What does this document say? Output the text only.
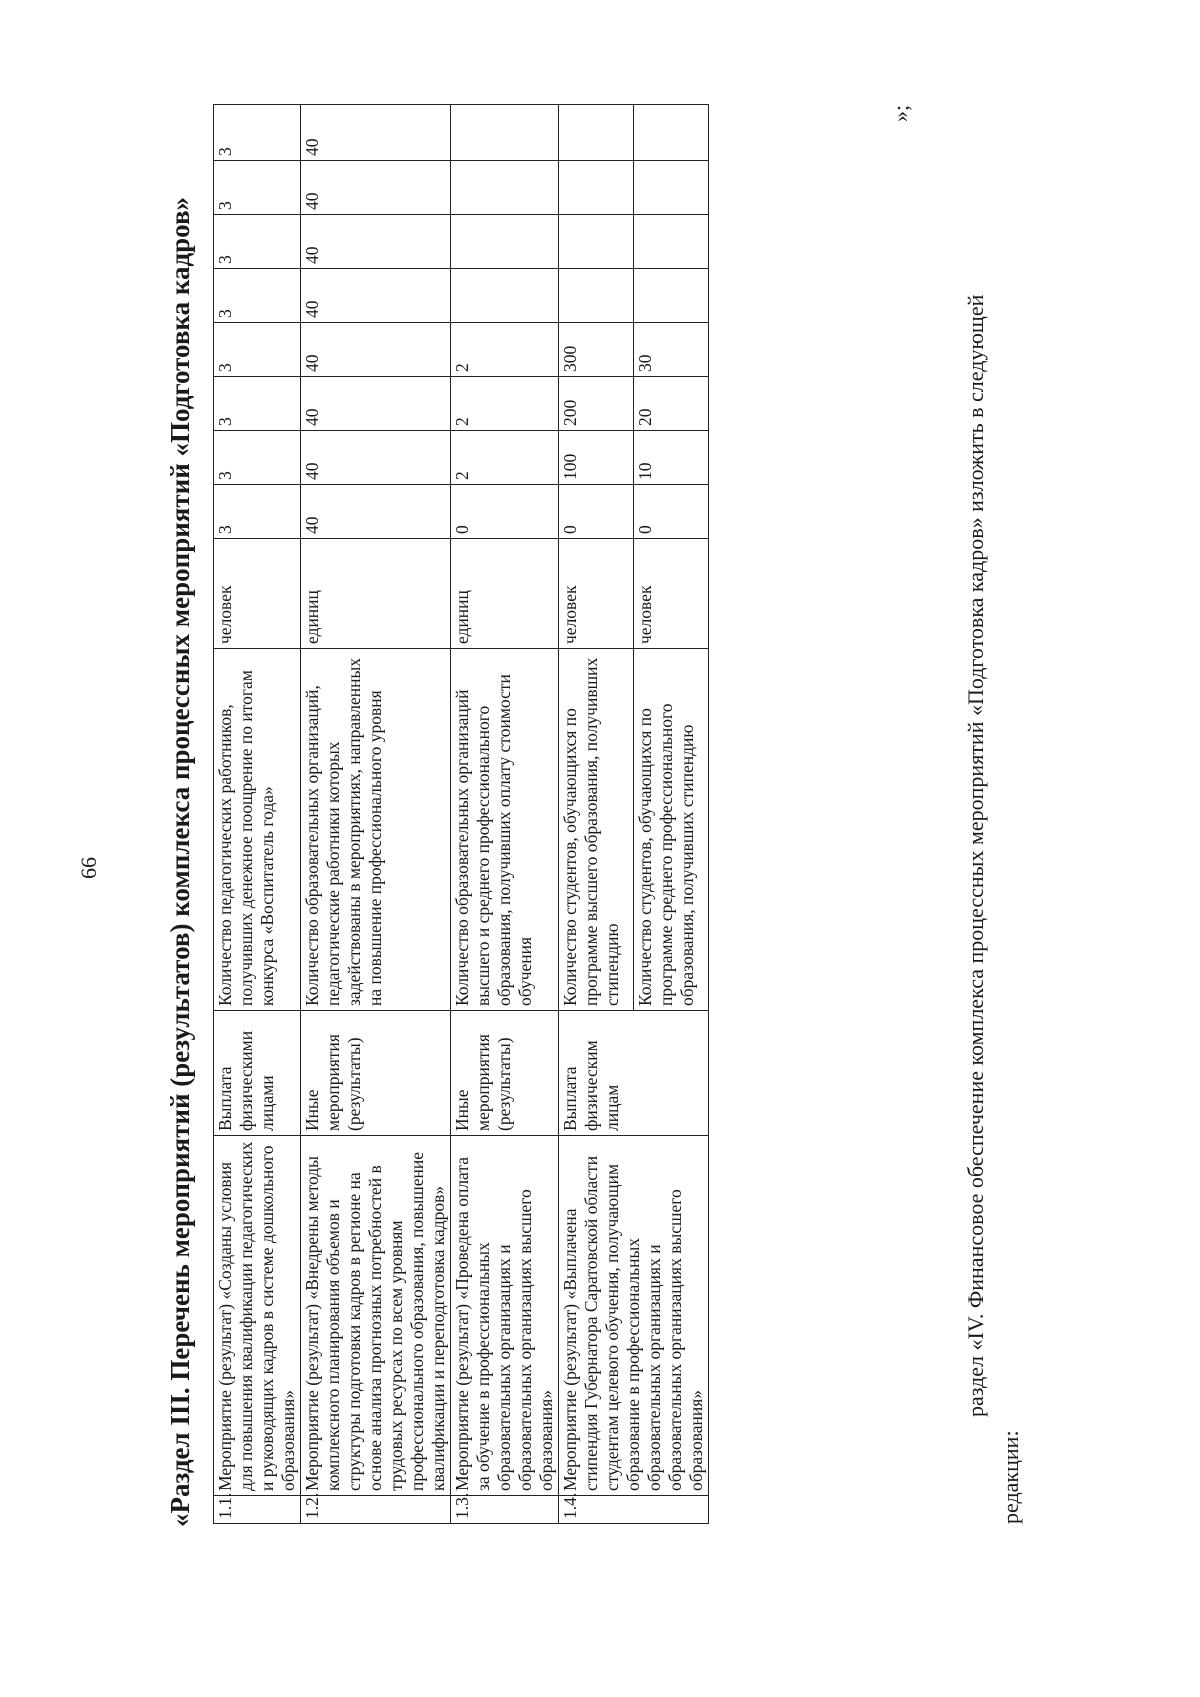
66 «Раздел III. Перечень мероприятий (результатов) комплекса процессных мероприятий «Подготовка кадров» 1.1.	Мероприятие (результат) «Созданы условия для повышения квалификации педагогических и руководящих кадров в системе дошкольного образования»	Выплата физическими лицами	Количество педагогических работников, получивших денежное поощрение по итогам конкурса «Воспитатель года»	человек	3	3	3	3	3	3	3	3
1.2.	Мероприятие (результат) «Внедрены методы комплексного планирования объемов и структуры подготовки кадров в регионе на основе анализа прогнозных потребностей в трудовых ресурсах по всем уровням профессионального образования, повышение квалификации и переподготовка кадров»	Иные мероприятия (результаты)	Количество образовательных организаций, педагогические работники которых задействованы в мероприятиях, направленных на повышение профессионального уровня	единиц	40	40	40	40	40	40	40	40
1.3.	Мероприятие (результат) «Проведена оплата за обучение в профессиональных образовательных организациях и образовательных организациях высшего образования»	Иные мероприятия (результаты)	Количество образовательных организаций высшего и среднего профессионального образования, получивших оплату стоимости обучения	единиц	0	2	2	2				
1.4.	Мероприятие (результат) «Выплачена стипендия Губернатора Саратовской области студентам целевого обучения, получающим образование в профессиональных образовательных организациях и образовательных организациях высшего образования»	Выплата физическим лицам	Количество студентов, обучающихся по программе высшего образования, получивших стипендию	человек	0	100	200	300				
			Количество студентов, обучающихся по программе среднего профессионального образования, получивших стипендию	человек	0	10	20	30				
»;
раздел «IV. Финансовое обеспечение комплекса процессных мероприятий «Подготовка кадров» изложить в следующей
редакции:
